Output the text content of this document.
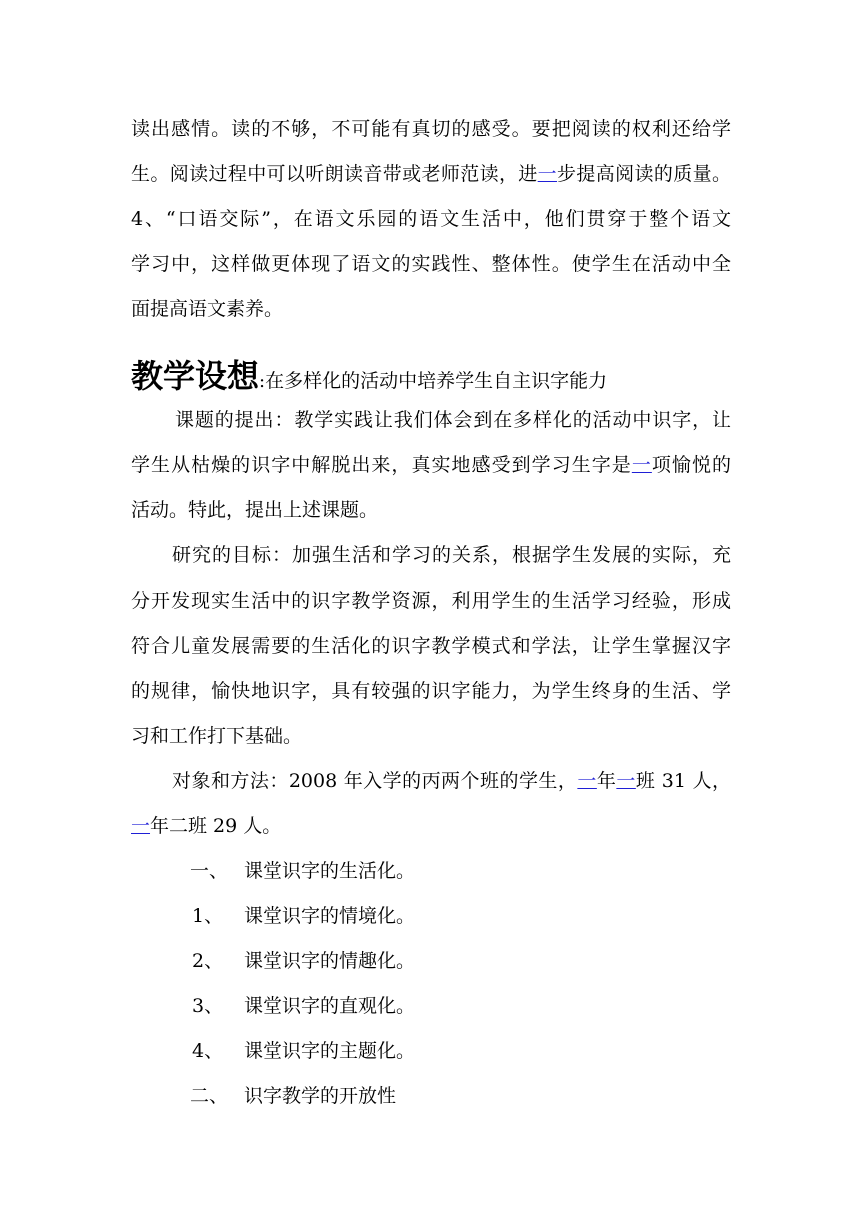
读出感情。读的不够，不可能有真切的感受。要把阅读的权利还给学
生。阅读过程中可以听朗读音带或老师范读，进一步提高阅读的质量。
4、“口语交际”，在语文乐园的语文生活中，他们贯穿于整个语文
学习中，这样做更体现了语文的实践性、整体性。使学生在活动中全
面提高语文素养。
教学设想:在多样化的活动中培养学生自主识字能力
课题的提出：教学实践让我们体会到在多样化的活动中识字，让
学生从枯燥的识字中解脱出来，真实地感受到学习生字是一项愉悦的
活动。特此，提出上述课题。
研究的目标：加强生活和学习的关系，根据学生发展的实际，充
分开发现实生活中的识字教学资源，利用学生的生活学习经验，形成
符合儿童发展需要的生活化的识字教学模式和学法，让学生掌握汉字
的规律，愉快地识字，具有较强的识字能力，为学生终身的生活、学
习和工作打下基础。
对象和方法：2008 年入学的丙两个班的学生，一年一班 31 人，
一年二班 29 人。
一、 课堂识字的生活化。
1、 课堂识字的情境化。
2、 课堂识字的情趣化。
3、 课堂识字的直观化。
4、 课堂识字的主题化。
二、 识字教学的开放性
